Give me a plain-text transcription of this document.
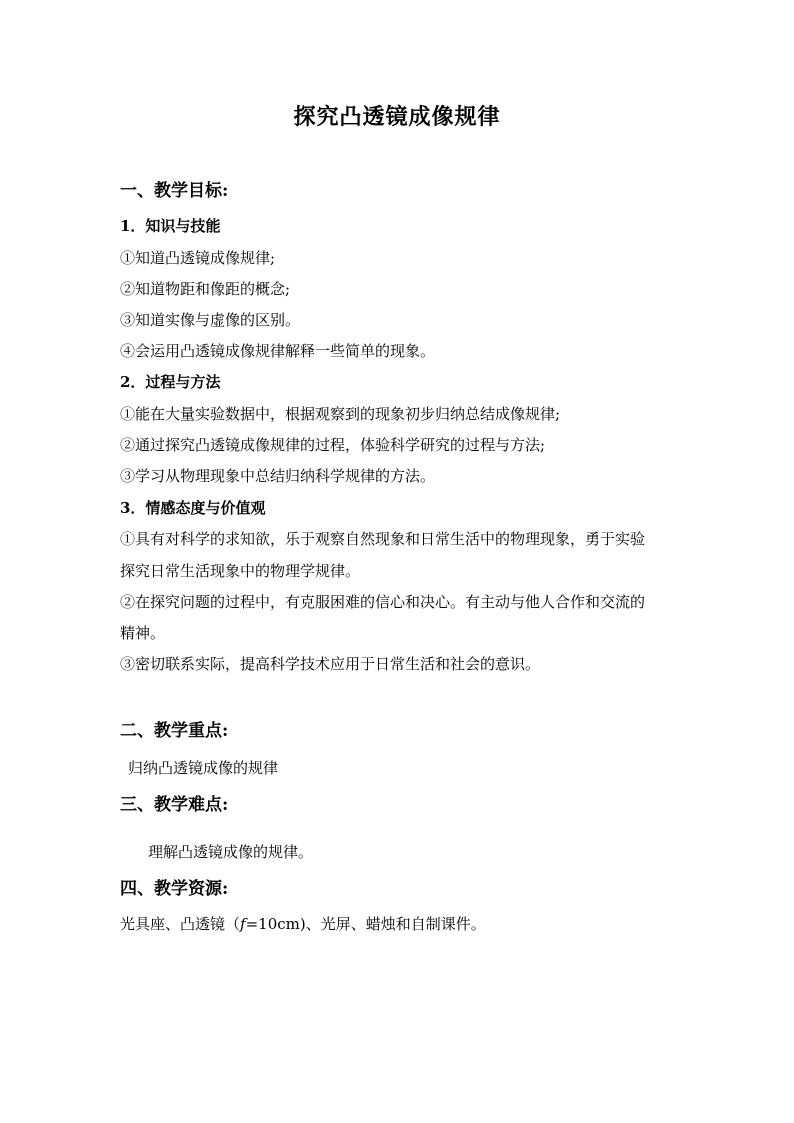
探究凸透镜成像规律
一、教学目标:
1．知识与技能
①知道凸透镜成像规律;
②知道物距和像距的概念;
③知道实像与虚像的区别。
④会运用凸透镜成像规律解释一些简单的现象。
2．过程与方法
①能在大量实验数据中，根据观察到的现象初步归纳总结成像规律;
②通过探究凸透镜成像规律的过程，体验科学研究的过程与方法;
③学习从物理现象中总结归纳科学规律的方法。
3．情感态度与价值观
①具有对科学的求知欲，乐于观察自然现象和日常生活中的物理现象，勇于实验
探究日常生活现象中的物理学规律。
②在探究问题的过程中，有克服困难的信心和决心。有主动与他人合作和交流的
精神。
③密切联系实际，提高科学技术应用于日常生活和社会的意识。
二、教学重点:
归纳凸透镜成像的规律
三、教学难点:
理解凸透镜成像的规律。
四、教学资源:
光具座、凸透镜（f=10cm)、光屏、蜡烛和自制课件。
